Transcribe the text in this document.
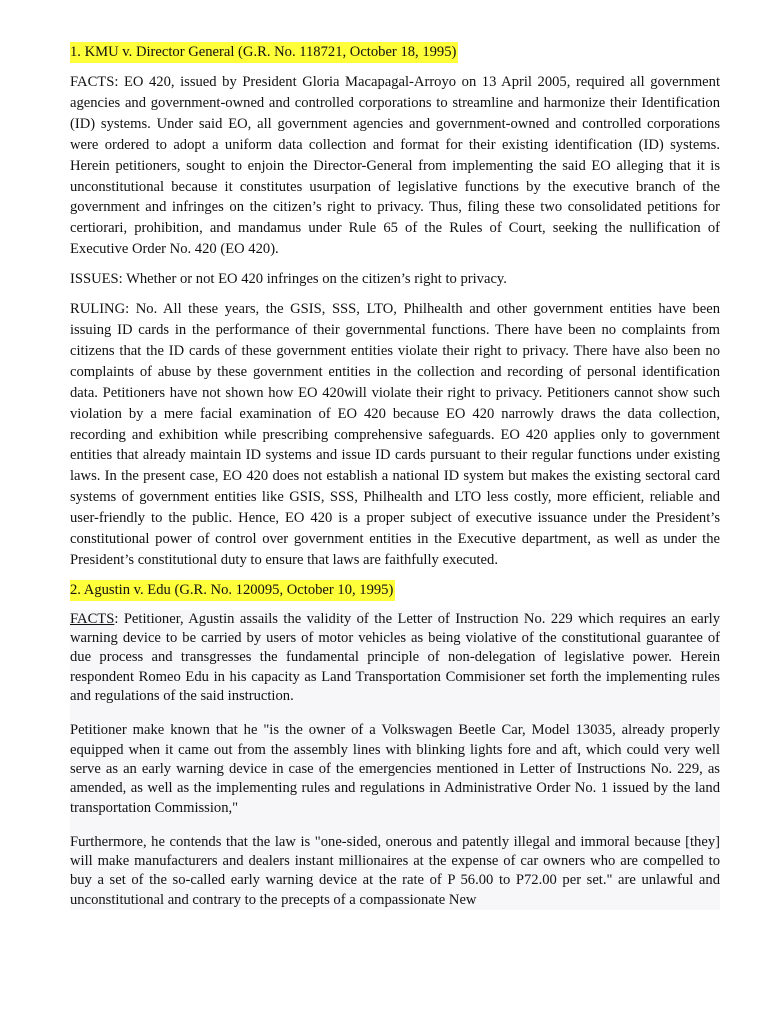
1. KMU v. Director General (G.R. No. 118721, October 18, 1995)

FACTS: EO 420, issued by President Gloria Macapagal-Arroyo on 13 April 2005, required all government agencies and government-owned and controlled corporations to streamline and harmonize their Identification (ID) systems. Under said EO, all government agencies and government-owned and controlled corporations were ordered to adopt a uniform data collection and format for their existing identification (ID) systems. Herein petitioners, sought to enjoin the Director-General from implementing the said EO alleging that it is unconstitutional because it constitutes usurpation of legislative functions by the executive branch of the government and infringes on the citizen’s right to privacy. Thus, filing these two consolidated petitions for certiorari, prohibition, and mandamus under Rule 65 of the Rules of Court, seeking the nullification of Executive Order No. 420 (EO 420).

ISSUES: Whether or not EO 420 infringes on the citizen’s right to privacy.

RULING: No. All these years, the GSIS, SSS, LTO, Philhealth and other government entities have been issuing ID cards in the performance of their governmental functions. There have been no complaints from citizens that the ID cards of these government entities violate their right to privacy. There have also been no complaints of abuse by these government entities in the collection and recording of personal identification data. Petitioners have not shown how EO 420will violate their right to privacy. Petitioners cannot show such violation by a mere facial examination of EO 420 because EO 420 narrowly draws the data collection, recording and exhibition while prescribing comprehensive safeguards. EO 420 applies only to government entities that already maintain ID systems and issue ID cards pursuant to their regular functions under existing laws. In the present case, EO 420 does not establish a national ID system but makes the existing sectoral card systems of government entities like GSIS, SSS, Philhealth and LTO less costly, more efficient, reliable and user-friendly to the public. Hence, EO 420 is a proper subject of executive issuance under the President’s constitutional power of control over government entities in the Executive department, as well as under the President’s constitutional duty to ensure that laws are faithfully executed.

2. Agustin v. Edu (G.R. No. 120095, October 10, 1995)

FACTS: Petitioner, Agustin assails the validity of the Letter of Instruction No. 229 which requires an early warning device to be carried by users of motor vehicles as being violative of the constitutional guarantee of due process and transgresses the fundamental principle of non-delegation of legislative power. Herein respondent Romeo Edu in his capacity as Land Transportation Commisioner set forth the implementing rules and regulations of the said instruction.

Petitioner make known that he "is the owner of a Volkswagen Beetle Car, Model 13035, already properly equipped when it came out from the assembly lines with blinking lights fore and aft, which could very well serve as an early warning device in case of the emergencies mentioned in Letter of Instructions No. 229, as amended, as well as the implementing rules and regulations in Administrative Order No. 1 issued by the land transportation Commission,"

Furthermore, he contends that the law is "one-sided, onerous and patently illegal and immoral because [they] will make manufacturers and dealers instant millionaires at the expense of car owners who are compelled to buy a set of the so-called early warning device at the rate of P 56.00 to P72.00 per set." are unlawful and unconstitutional and contrary to the precepts of a compassionate New
